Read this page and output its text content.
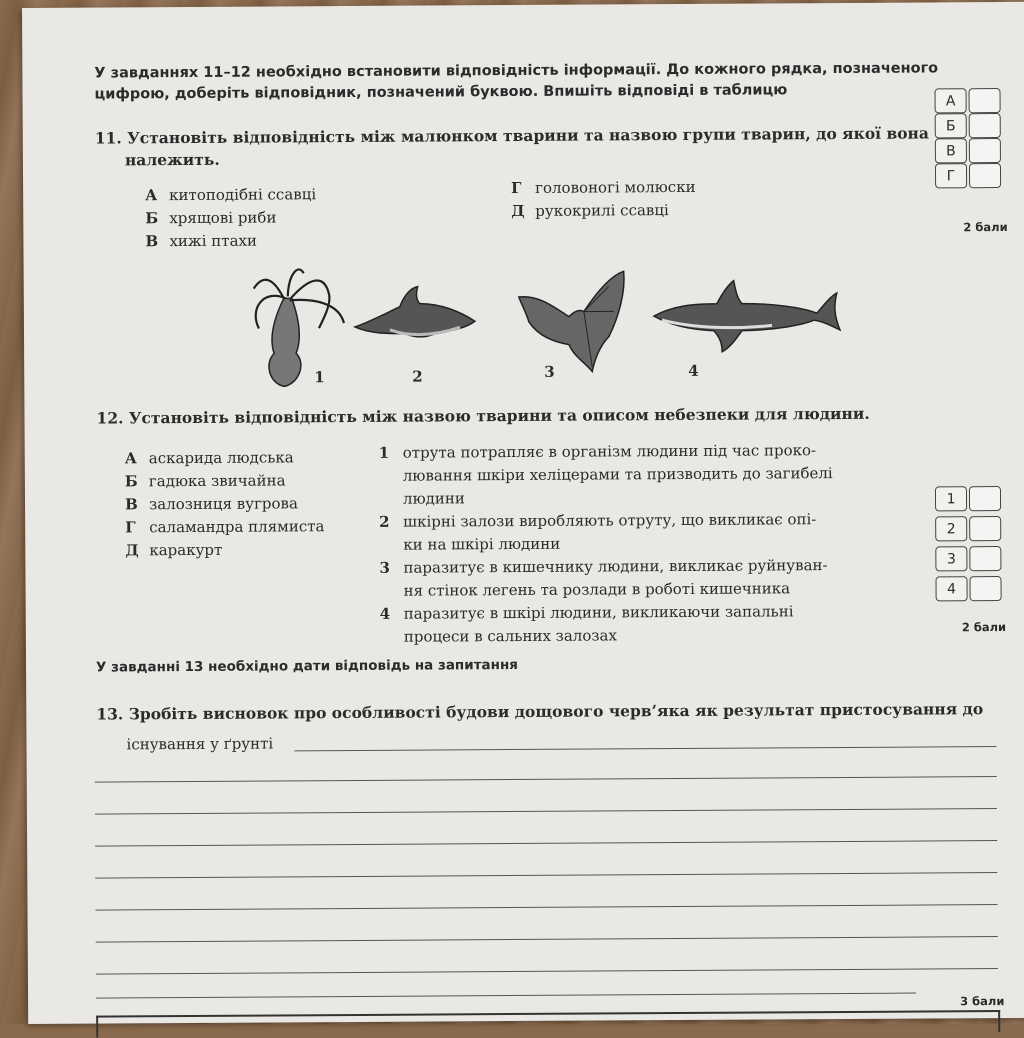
У завданнях 11–12 необхідно встановити відповідність інформації. До кожного рядка, позначеного
цифрою, доберіть відповідник, позначений буквою. Впишіть відповіді в таблицю
11. Установіть відповідність між малюнком тварини та назвою групи тварин, до якої вона
належить.
А китоподібні ссавці
Б хрящові риби
В хижі птахи
Г головоногі молюски
Д рукокрилі ссавці
А
Б
В
Г
2 бали
1	2	3	4
12. Установіть відповідність між назвою тварини та описом небезпеки для людини.
А аскарида людська
Б гадюка звичайна
В залозниця вугрова
Г саламандра плямиста
Д каракурт
1 отрута потрапляє в організм людини під час проко-
лювання шкіри хеліцерами та призводить до загибелі
людини
2 шкірні залози виробляють отруту, що викликає опі-
ки на шкірі людини
3 паразитує в кишечнику людини, викликає руйнуван-
ня стінок легень та розлади в роботі кишечника
4 паразитує в шкірі людини, викликаючи запальні
процеси в сальних залозах
1
2
3
4
2 бали
У завданні 13 необхідно дати відповідь на запитання
13. Зробіть висновок про особливості будови дощового черв’яка як результат пристосування до
існування у ґрунті
3 бали
